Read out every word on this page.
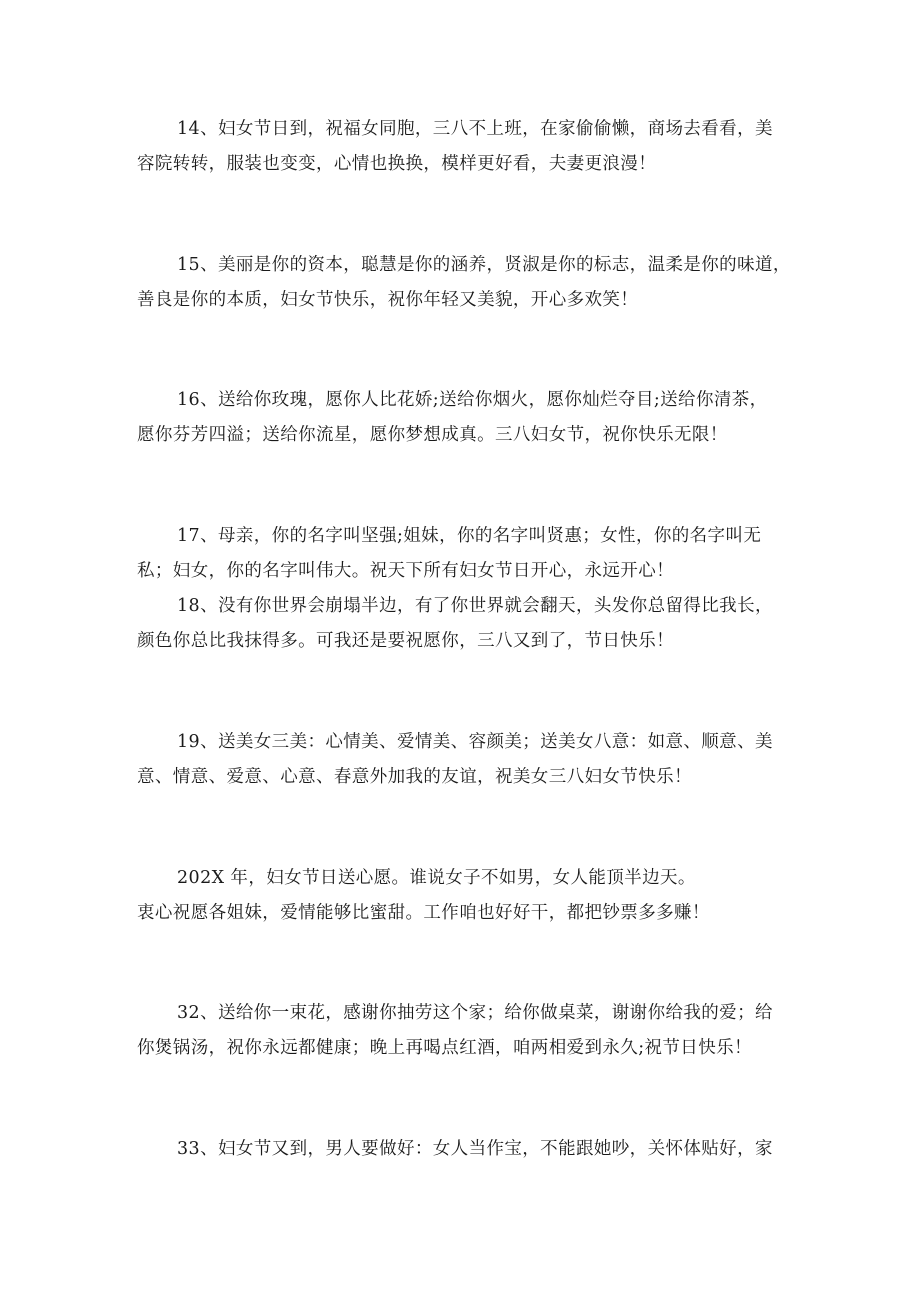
14、妇女节日到，祝福女同胞，三八不上班，在家偷偷懒，商场去看看，美
容院转转，服装也变变，心情也换换，模样更好看，夫妻更浪漫！

15、美丽是你的资本，聪慧是你的涵养，贤淑是你的标志，温柔是你的味道，
善良是你的本质，妇女节快乐，祝你年轻又美貌，开心多欢笑！

16、送给你玫瑰，愿你人比花娇;送给你烟火，愿你灿烂夺目;送给你清茶，
愿你芬芳四溢；送给你流星，愿你梦想成真。三八妇女节，祝你快乐无限！

17、母亲，你的名字叫坚强;姐妹，你的名字叫贤惠；女性，你的名字叫无
私；妇女，你的名字叫伟大。祝天下所有妇女节日开心，永远开心！

18、没有你世界会崩塌半边，有了你世界就会翻天，头发你总留得比我长，
颜色你总比我抹得多。可我还是要祝愿你，三八又到了，节日快乐！

19、送美女三美：心情美、爱情美、容颜美；送美女八意：如意、顺意、美
意、情意、爱意、心意、春意外加我的友谊，祝美女三八妇女节快乐！

202X 年，妇女节日送心愿。谁说女子不如男，女人能顶半边天。
衷心祝愿各姐妹，爱情能够比蜜甜。工作咱也好好干，都把钞票多多赚！

32、送给你一束花，感谢你抽劳这个家；给你做桌菜，谢谢你给我的爱；给
你煲锅汤，祝你永远都健康；晚上再喝点红酒，咱两相爱到永久;祝节日快乐！

33、妇女节又到，男人要做好：女人当作宝，不能跟她吵，关怀体贴好，家
